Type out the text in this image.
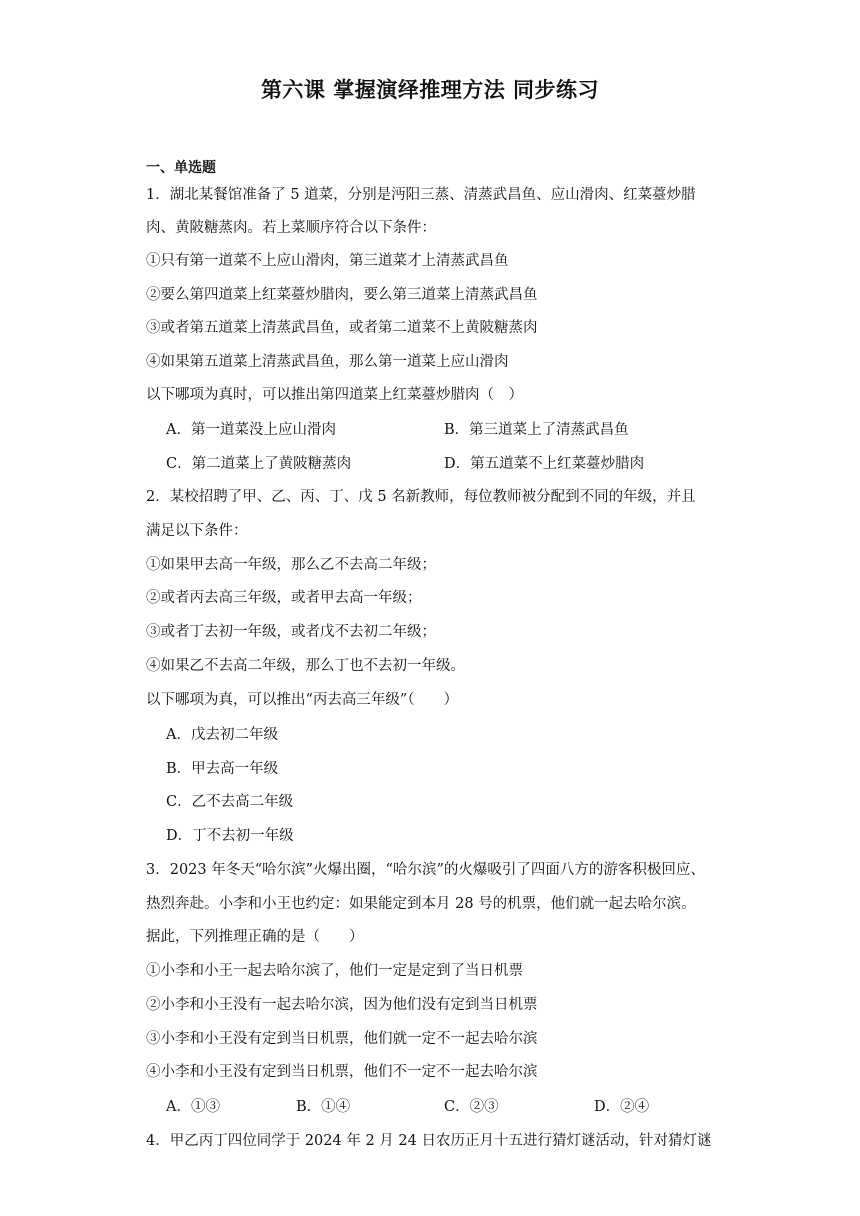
第六课 掌握演绎推理方法 同步练习
一、单选题
1．湖北某餐馆准备了 5 道菜，分别是沔阳三蒸、清蒸武昌鱼、应山滑肉、红菜薹炒腊
肉、黄陂糖蒸肉。若上菜顺序符合以下条件：
①只有第一道菜不上应山滑肉，第三道菜才上清蒸武昌鱼
②要么第四道菜上红菜薹炒腊肉，要么第三道菜上清蒸武昌鱼
③或者第五道菜上清蒸武昌鱼，或者第二道菜不上黄陂糖蒸肉
④如果第五道菜上清蒸武昌鱼，那么第一道菜上应山滑肉
以下哪项为真时，可以推出第四道菜上红菜薹炒腊肉（　）
A．第一道菜没上应山滑肉	B．第三道菜上了清蒸武昌鱼
C．第二道菜上了黄陂糖蒸肉	D．第五道菜不上红菜薹炒腊肉
2．某校招聘了甲、乙、丙、丁、戊 5 名新教师，每位教师被分配到不同的年级，并且
满足以下条件：
①如果甲去高一年级，那么乙不去高二年级；
②或者丙去高三年级，或者甲去高一年级；
③或者丁去初一年级，或者戊不去初二年级；
④如果乙不去高二年级，那么丁也不去初一年级。
以下哪项为真，可以推出“丙去高三年级”（　　）
A．戊去初二年级
B．甲去高一年级
C．乙不去高二年级
D．丁不去初一年级
3．2023 年冬天“哈尔滨”火爆出圈，“哈尔滨”的火爆吸引了四面八方的游客积极回应、
热烈奔赴。小李和小王也约定：如果能定到本月 28 号的机票，他们就一起去哈尔滨。
据此，下列推理正确的是（　　）
①小李和小王一起去哈尔滨了，他们一定是定到了当日机票
②小李和小王没有一起去哈尔滨，因为他们没有定到当日机票
③小李和小王没有定到当日机票，他们就一定不一起去哈尔滨
④小李和小王没有定到当日机票，他们不一定不一起去哈尔滨
A．①③	B．①④	C．②③	D．②④
4．甲乙丙丁四位同学于 2024 年 2 月 24 日农历正月十五进行猜灯谜活动，针对猜灯谜
